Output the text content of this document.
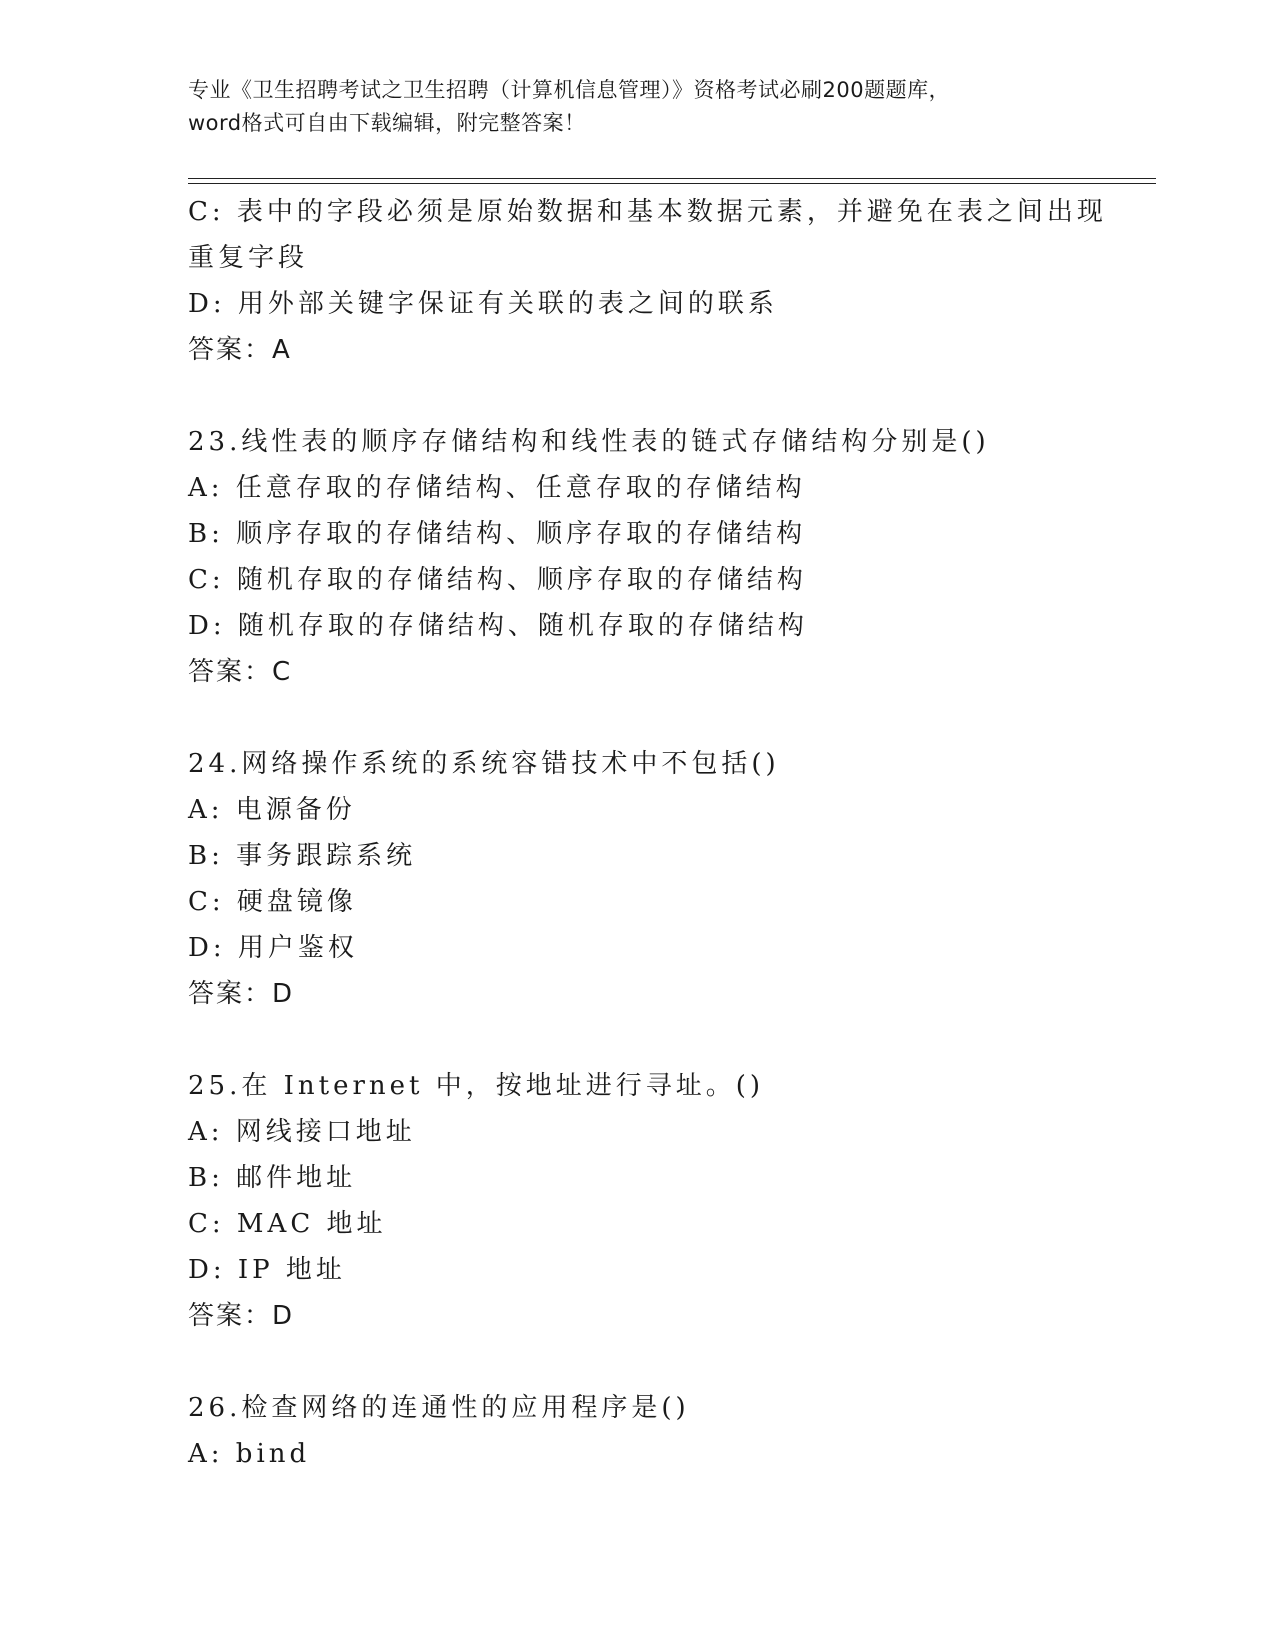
专业《卫生招聘考试之卫生招聘（计算机信息管理）》资格考试必刷200题题库，
word格式可自由下载编辑，附完整答案！
C: 表中的字段必须是原始数据和基本数据元素，并避免在表之间出现
重复字段
D: 用外部关键字保证有关联的表之间的联系
答案：A
23.线性表的顺序存储结构和线性表的链式存储结构分别是()
A: 任意存取的存储结构、任意存取的存储结构
B: 顺序存取的存储结构、顺序存取的存储结构
C: 随机存取的存储结构、顺序存取的存储结构
D: 随机存取的存储结构、随机存取的存储结构
答案：C
24.网络操作系统的系统容错技术中不包括()
A: 电源备份
B: 事务跟踪系统
C: 硬盘镜像
D: 用户鉴权
答案：D
25.在 Internet 中，按地址进行寻址。()
A: 网线接口地址
B: 邮件地址
C: MAC 地址
D: IP 地址
答案：D
26.检查网络的连通性的应用程序是()
A: bind
